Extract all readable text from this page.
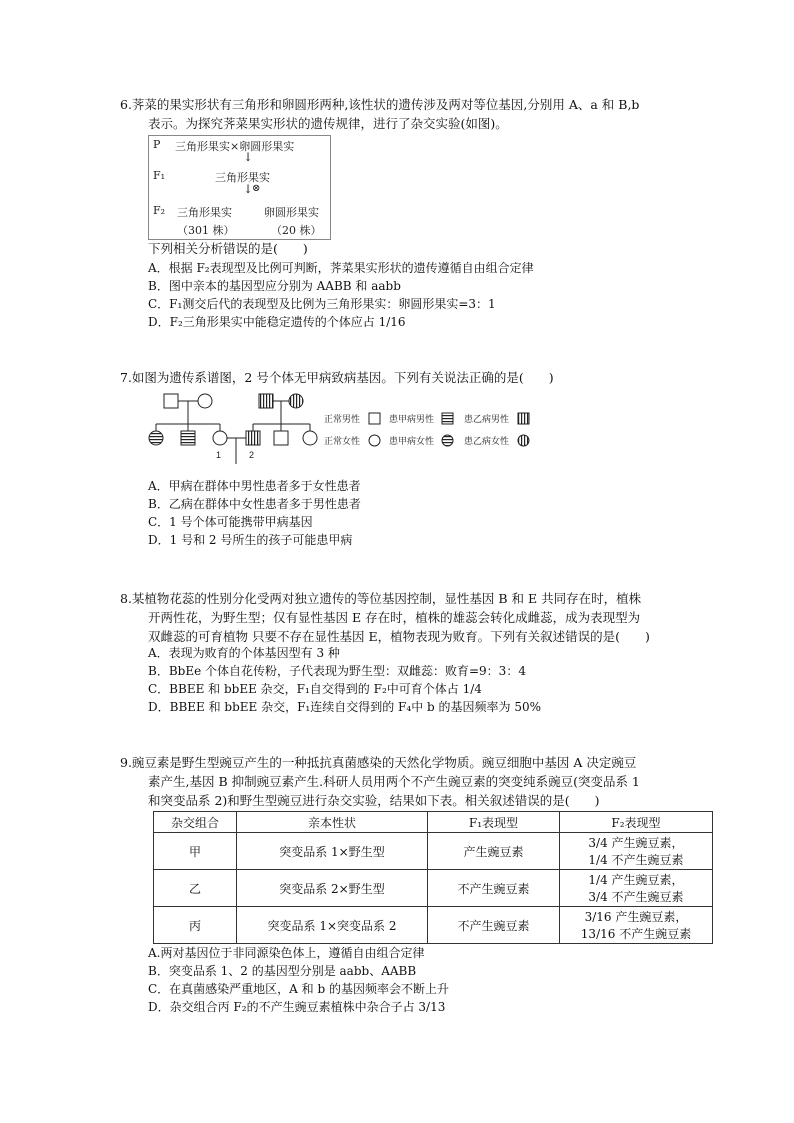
6.荠菜的果实形状有三角形和卵圆形两种,该性状的遗传涉及两对等位基因,分别用 A、a 和 B,b
表示。为探究荠菜果实形状的遗传规律，进行了杂交实验(如图)。
P 三角形果实×卵圆形果实
↓
F₁	三角形果实
↓
⊗
F₂ 三角形果实	卵圆形果实
（301 株）	（20 株）
下列相关分析错误的是(　　)
A．根据 F₂表现型及比例可判断，荠菜果实形状的遗传遵循自由组合定律
B．图中亲本的基因型应分别为 AABB 和 aabb
C．F₁测交后代的表现型及比例为三角形果实：卵圆形果实=3：1
D．F₂三角形果实中能稳定遗传的个体应占 1/16
7.如图为遗传系谱图，2 号个体无甲病致病基因。下列有关说法正确的是(　　)
1	2
正常男性	患甲病男性	患乙病男性
正常女性	患甲病女性	患乙病女性
A．甲病在群体中男性患者多于女性患者
B．乙病在群体中女性患者多于男性患者
C．1 号个体可能携带甲病基因
D．1 号和 2 号所生的孩子可能患甲病
8.某植物花蕊的性别分化受两对独立遗传的等位基因控制，显性基因 B 和 E 共同存在时，植株
开两性花，为野生型；仅有显性基因 E 存在时，植株的雄蕊会转化成雌蕊，成为表现型为
双雌蕊的可育植物 只要不存在显性基因 E，植物表现为败育。下列有关叙述错误的是(　　)
A．表现为败育的个体基因型有 3 种
B．BbEe 个体自花传粉，子代表现为野生型：双雌蕊：败育=9：3：4
C．BBEE 和 bbEE 杂交，F₁自交得到的 F₂中可育个体占 1/4
D．BBEE 和 bbEE 杂交，F₁连续自交得到的 F₄中 b 的基因频率为 50%
9.豌豆素是野生型豌豆产生的一种抵抗真菌感染的天然化学物质。豌豆细胞中基因 A 决定豌豆
素产生,基因 B 抑制豌豆素产生.科研人员用两个不产生豌豆素的突变纯系豌豆(突变品系 1
和突变品系 2)和野生型豌豆进行杂交实验，结果如下表。相关叙述错误的是(　　)
杂交组合	亲本性状	F₁表现型	F₂表现型
甲	突变品系 1×野生型	产生豌豆素	3/4 产生豌豆素，
1/4 不产生豌豆素

乙	突变品系 2×野生型	不产生豌豆素	1/4 产生豌豆素，
3/4 不产生豌豆素

丙	突变品系 1×突变品系 2	不产生豌豆素	3/16 产生豌豆素，
13/16 不产生豌豆素
A.两对基因位于非同源染色体上，遵循自由组合定律
B．突变品系 1、2 的基因型分别是 aabb、AABB
C．在真菌感染严重地区，A 和 b 的基因频率会不断上升
D．杂交组合丙 F₂的不产生豌豆素植株中杂合子占 3/13
